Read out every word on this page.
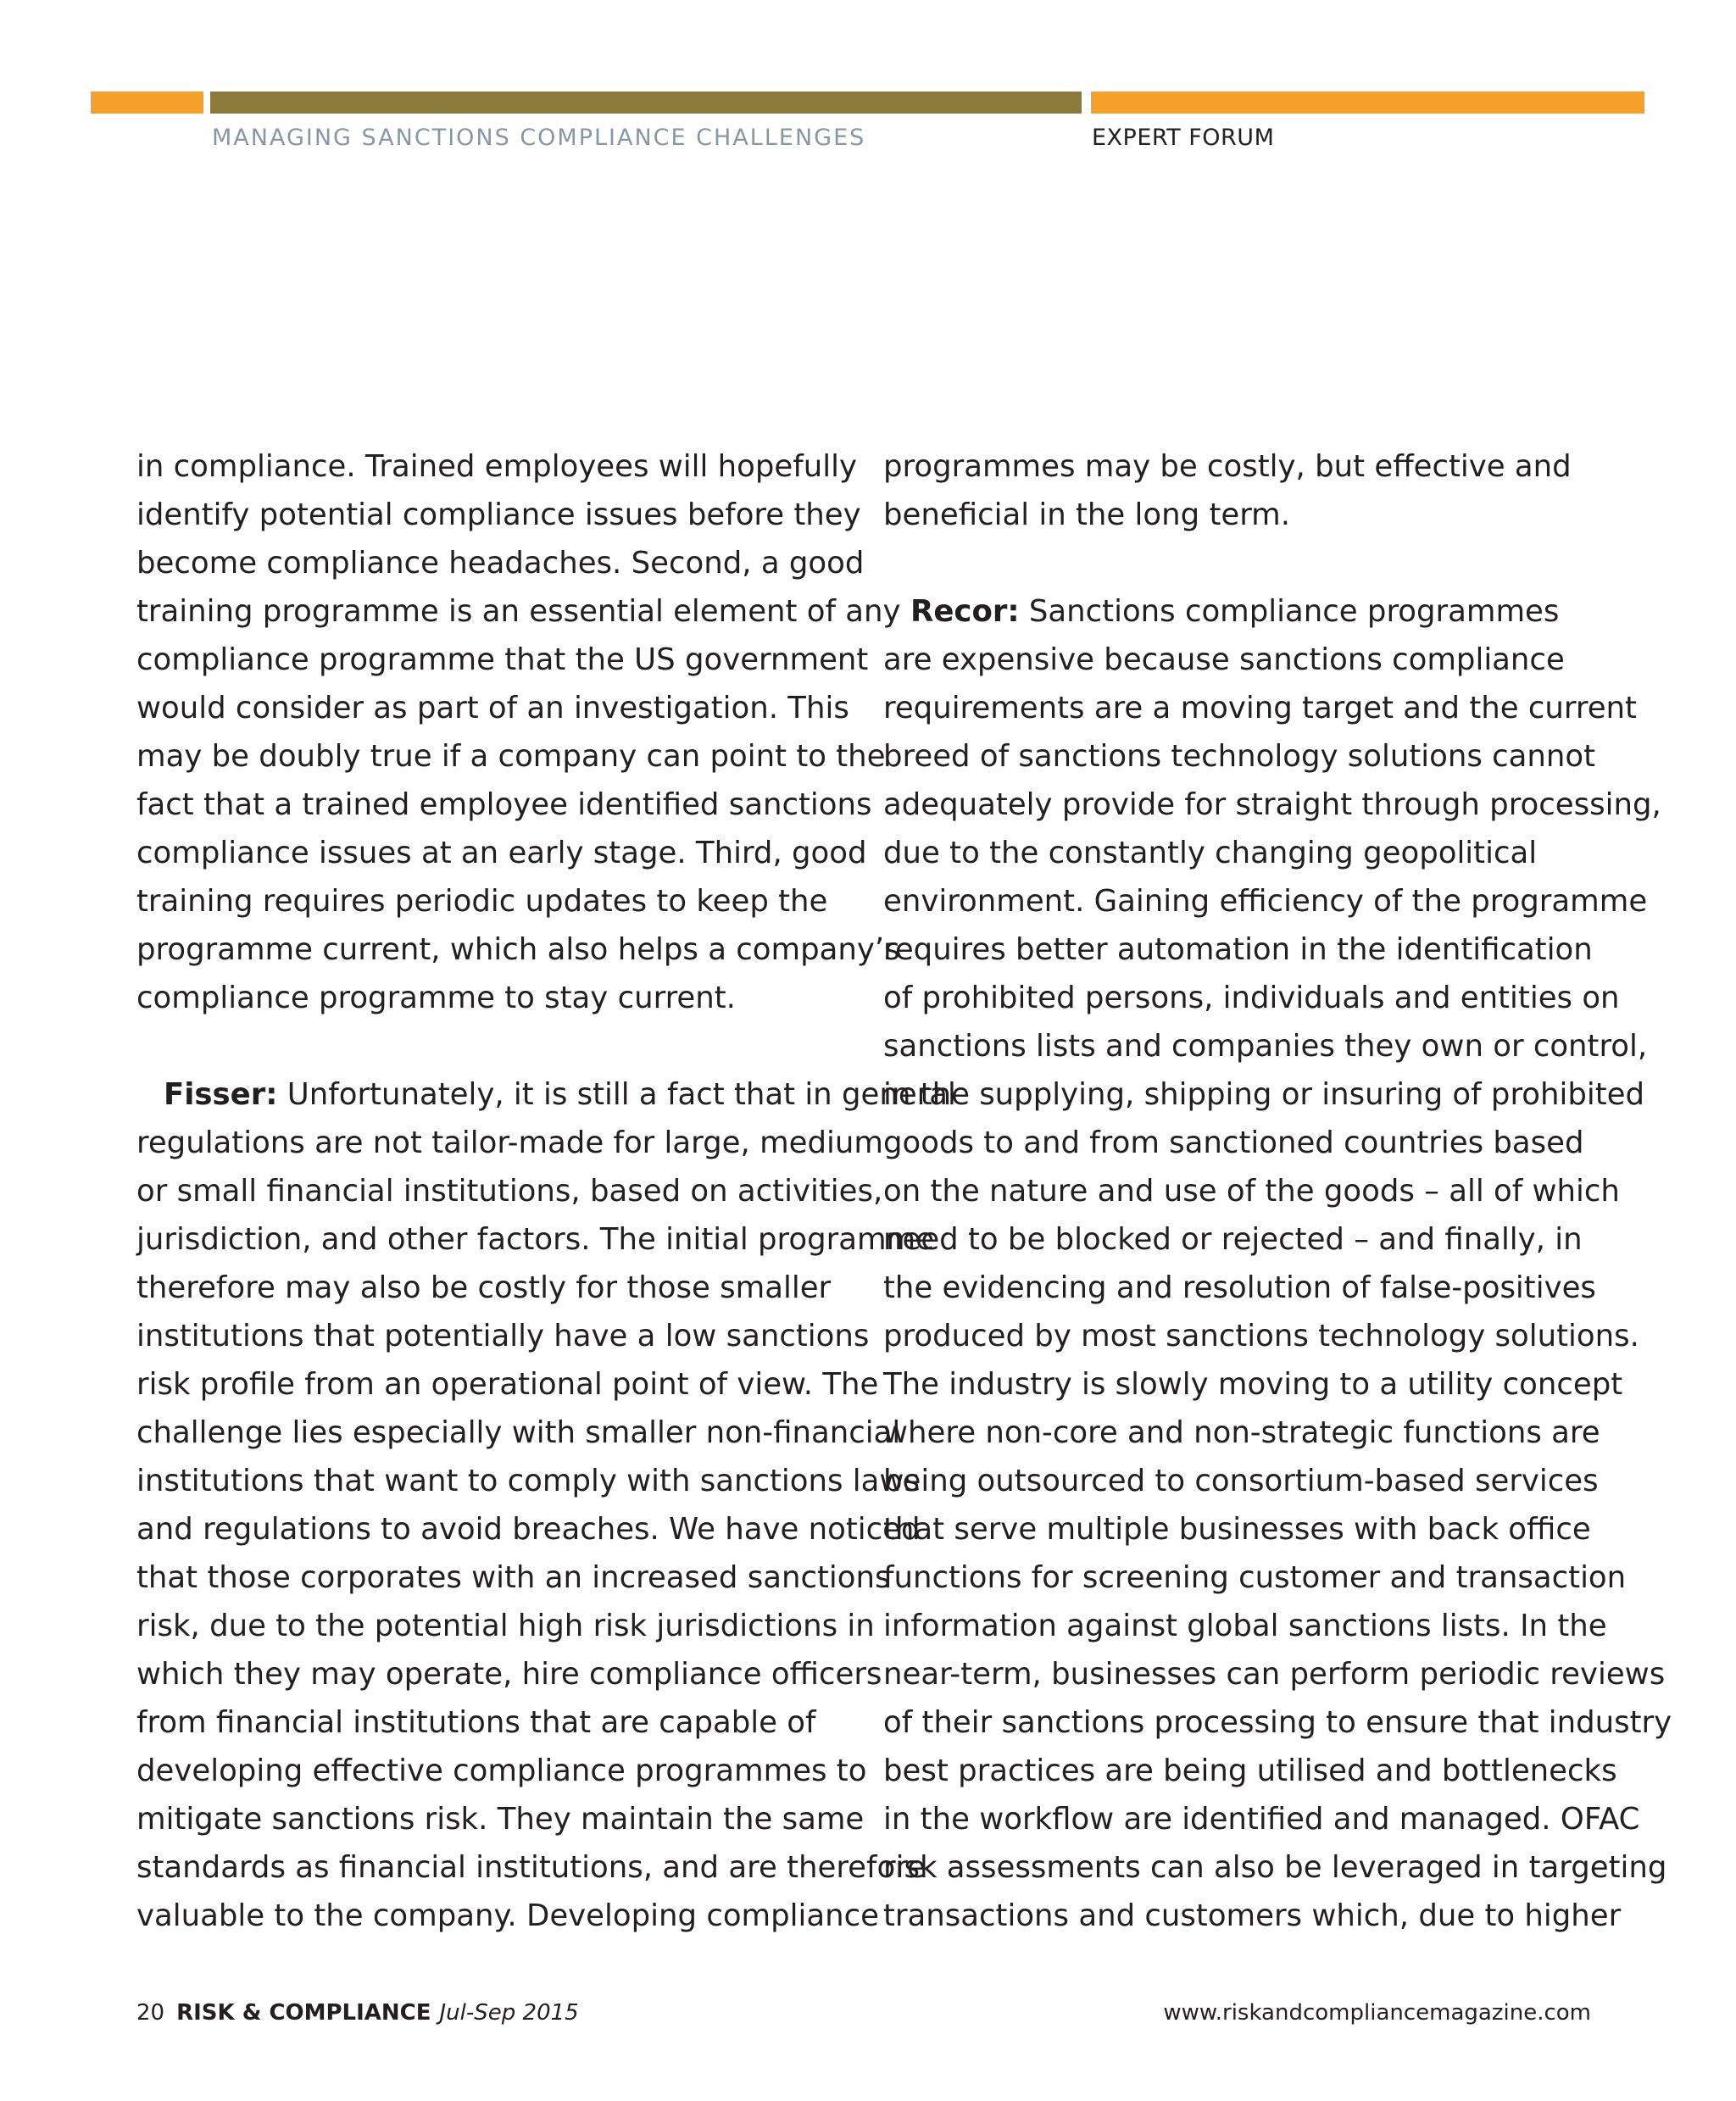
MANAGING SANCTIONS COMPLIANCE CHALLENGES	EXPERT FORUM
in compliance. Trained employees will hopefully
identify potential compliance issues before they
become compliance headaches. Second, a good
training programme is an essential element of any
compliance programme that the US government
would consider as part of an investigation. This
may be doubly true if a company can point to the
fact that a trained employee identified sanctions
compliance issues at an early stage. Third, good
training requires periodic updates to keep the
programme current, which also helps a company’s
compliance programme to stay current.
Fisser: Unfortunately, it is still a fact that in general
regulations are not tailor-made for large, medium
or small financial institutions, based on activities,
jurisdiction, and other factors. The initial programme
therefore may also be costly for those smaller
institutions that potentially have a low sanctions
risk profile from an operational point of view. The
challenge lies especially with smaller non-financial
institutions that want to comply with sanctions laws
and regulations to avoid breaches. We have noticed
that those corporates with an increased sanctions
risk, due to the potential high risk jurisdictions in
which they may operate, hire compliance officers
from financial institutions that are capable of
developing effective compliance programmes to
mitigate sanctions risk. They maintain the same
standards as financial institutions, and are therefore
valuable to the company. Developing compliance
programmes may be costly, but effective and
beneficial in the long term.
Recor: Sanctions compliance programmes
are expensive because sanctions compliance
requirements are a moving target and the current
breed of sanctions technology solutions cannot
adequately provide for straight through processing,
due to the constantly changing geopolitical
environment. Gaining efficiency of the programme
requires better automation in the identification
of prohibited persons, individuals and entities on
sanctions lists and companies they own or control,
in the supplying, shipping or insuring of prohibited
goods to and from sanctioned countries based
on the nature and use of the goods – all of which
need to be blocked or rejected – and finally, in
the evidencing and resolution of false-positives
produced by most sanctions technology solutions.
The industry is slowly moving to a utility concept
where non-core and non-strategic functions are
being outsourced to consortium-based services
that serve multiple businesses with back office
functions for screening customer and transaction
information against global sanctions lists. In the
near-term, businesses can perform periodic reviews
of their sanctions processing to ensure that industry
best practices are being utilised and bottlenecks
in the workflow are identified and managed. OFAC
risk assessments can also be leveraged in targeting
transactions and customers which, due to higher
20 RISK & COMPLIANCE Jul-Sep 2015	www.riskandcompliancemagazine.com
